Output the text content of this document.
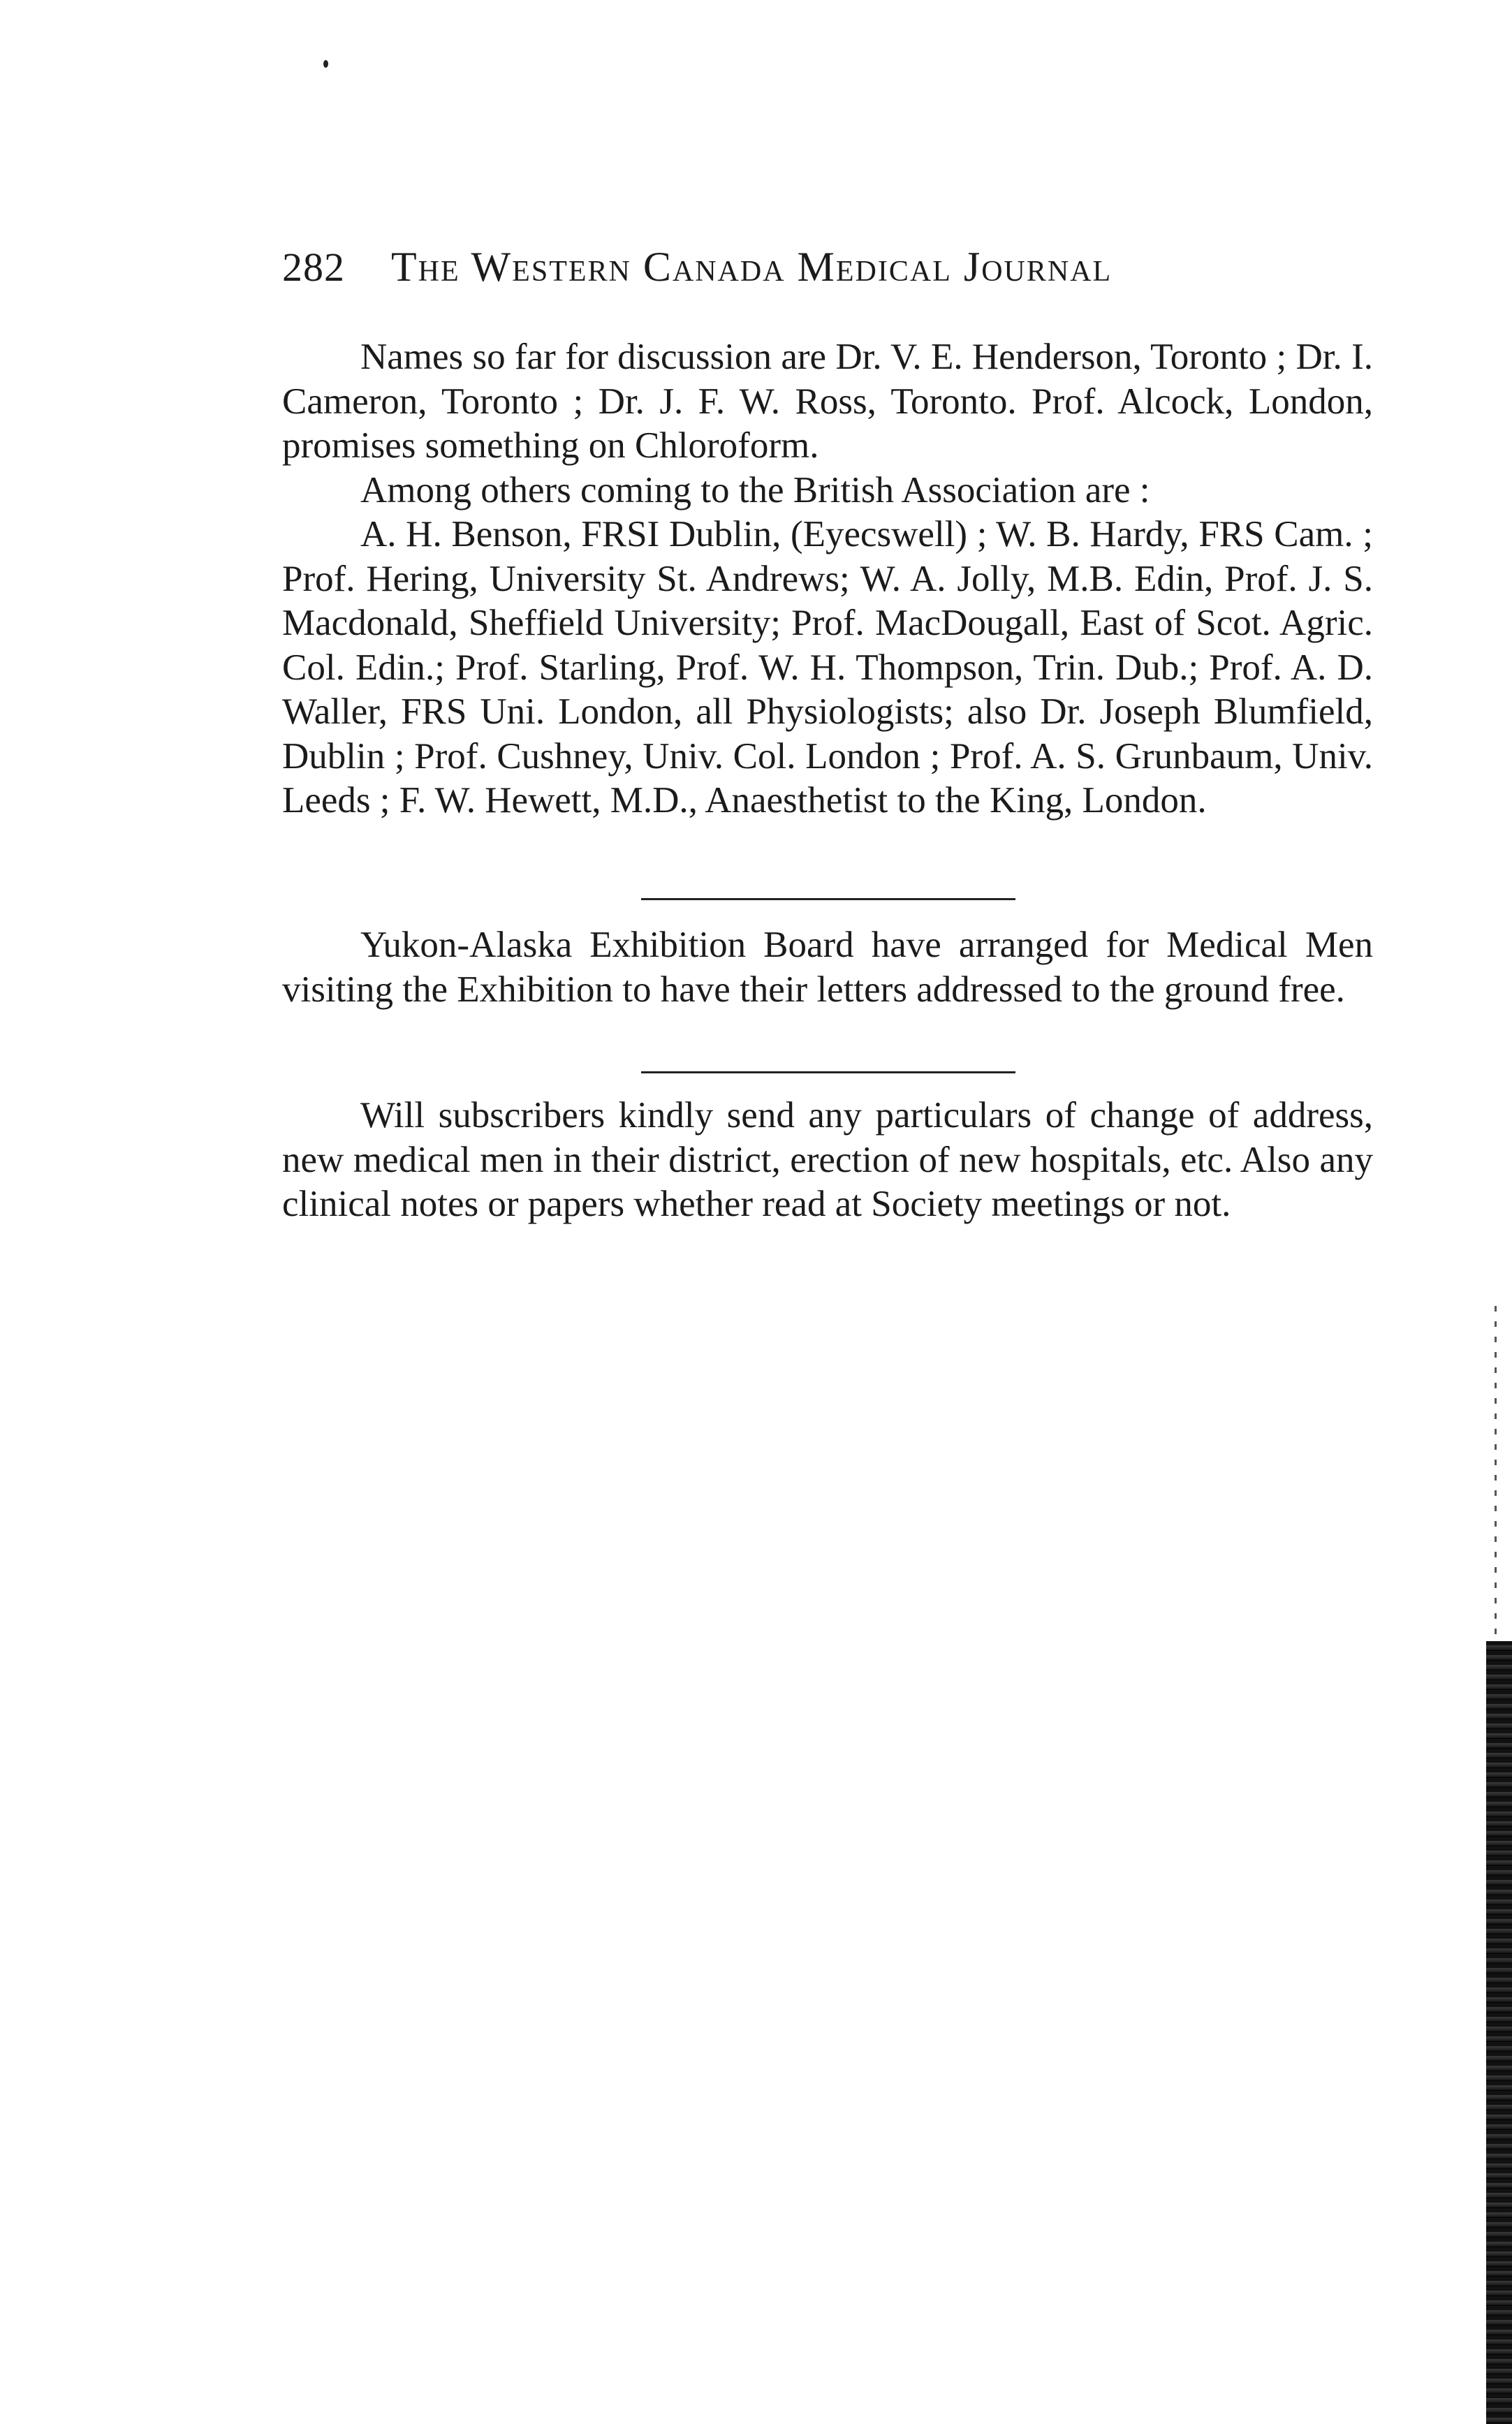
282 The Western Canada Medical Journal

Names so far for discussion are Dr. V. E. Henderson, Toronto ; Dr. I. Cameron, Toronto ; Dr. J. F. W. Ross, Toronto. Prof. Alcock, London, promises something on Chloroform.

Among others coming to the British Association are :

A. H. Benson, FRSI Dublin, (Eyecswell) ; W. B. Hardy, FRS Cam. ; Prof. Hering, University St. Andrews; W. A. Jolly, M.B. Edin, Prof. J. S. Macdonald, Sheffield University; Prof. MacDougall, East of Scot. Agric. Col. Edin.; Prof. Starling, Prof. W. H. Thompson, Trin. Dub.; Prof. A. D. Waller, FRS Uni. London, all Physiologists; also Dr. Joseph Blumfield, Dublin ; Prof. Cushney, Univ. Col. London ; Prof. A. S. Grunbaum, Univ. Leeds ; F. W. Hewett, M.D., Anaesthetist to the King, London.

Yukon-Alaska Exhibition Board have arranged for Medical Men visiting the Exhibition to have their letters addressed to the ground free.

Will subscribers kindly send any particulars of change of address, new medical men in their district, erection of new hospitals, etc. Also any clinical notes or papers whether read at Society meetings or not.
